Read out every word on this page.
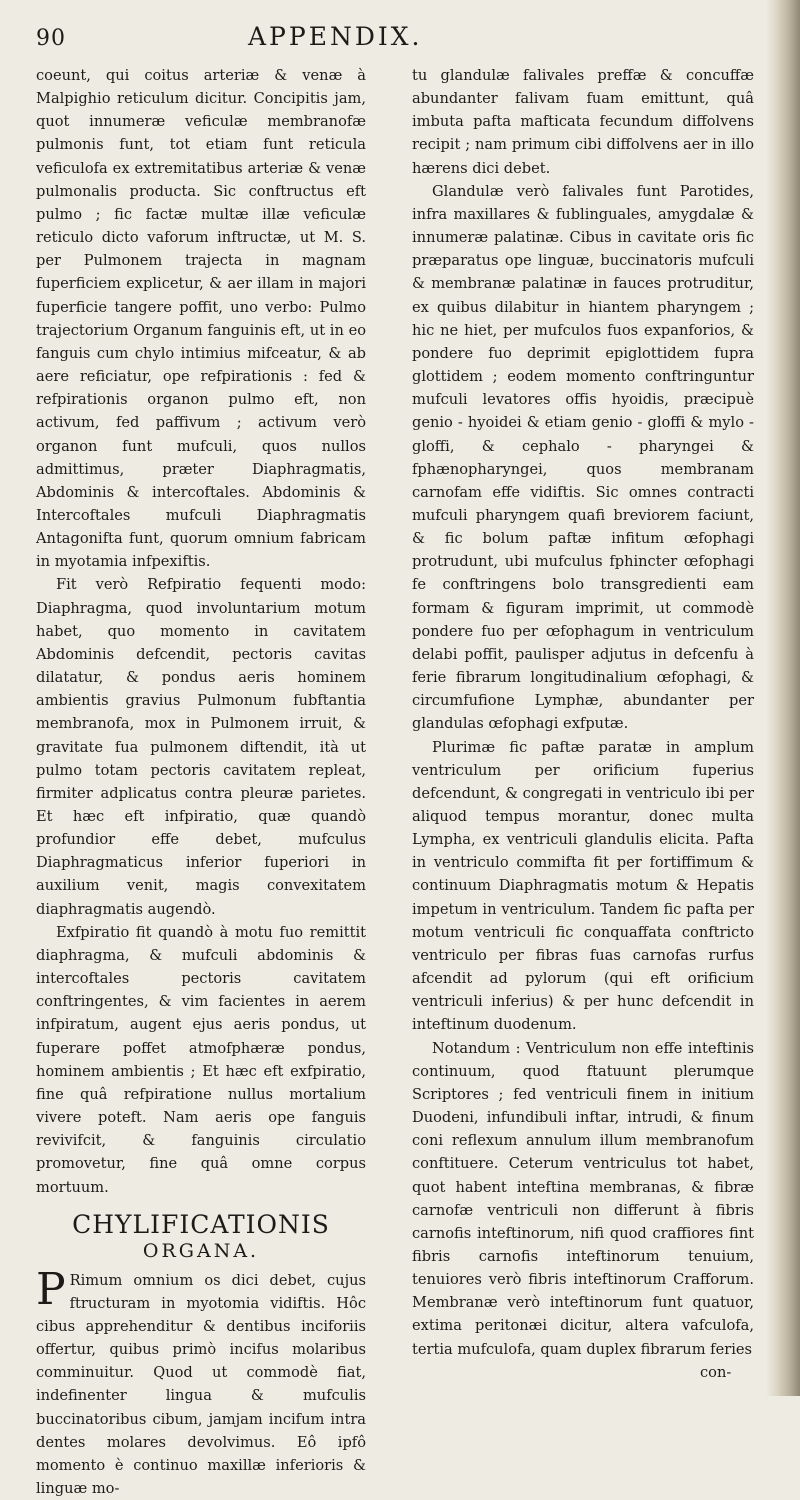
90	APPENDIX.

coeunt, qui coitus arteriæ & venæ à Malpighio reticulum dicitur. Concipitis jam, quot innumeræ veficulæ membranofæ pulmonis funt, tot etiam funt reticula veficulofa ex extremitatibus arteriæ & venæ pulmonalis producta. Sic conftructus eft pulmo ; fic factæ multæ illæ veficulæ reticulo dicto vaforum inftructæ, ut M. S. per Pulmonem trajecta in magnam fuperficiem explicetur, & aer illam in majori fuperficie tangere poffit, uno verbo: Pulmo trajectorium Organum fanguinis eft, ut in eo fanguis cum chylo intimius mifceatur, & ab aere reficiatur, ope refpirationis : fed & refpirationis organon pulmo eft, non activum, fed paffivum ; activum verò organon funt mufculi, quos nullos admittimus, præter Diaphragmatis, Abdominis & intercoftales. Abdominis & Intercoftales mufculi Diaphragmatis Antagonifta funt, quorum omnium fabricam in myotamia infpexiftis.

Fit verò Refpiratio fequenti modo: Diaphragma, quod involuntarium motum habet, quo momento in cavitatem Abdominis defcendit, pectoris cavitas dilatatur, & pondus aeris hominem ambientis gravius Pulmonum fubftantia membranofa, mox in Pulmonem irruit, & gravitate fua pulmonem diftendit, ità ut pulmo totam pectoris cavitatem repleat, firmiter adplicatus contra pleuræ parietes. Et hæc eft infpiratio, quæ quandò profundior effe debet, mufculus Diaphragmaticus inferior fuperiori in auxilium venit, magis convexitatem diaphragmatis augendò.

Exfpiratio fit quandò à motu fuo remittit diaphragma, & mufculi abdominis & intercoftales pectoris cavitatem conftringentes, & vim facientes in aerem infpiratum, augent ejus aeris pondus, ut fuperare poffet atmofphæræ pondus, hominem ambientis ; Et hæc eft exfpiratio, fine quâ refpiratione nullus mortalium vivere poteft. Nam aeris ope fanguis revivifcit, & fanguinis circulatio promovetur, fine quâ omne corpus mortuum.

CHYLIFICATIONIS
ORGANA.

P Rimum omnium os dici debet, cujus ftructuram in myotomia vidiftis. Hôc cibus apprehenditur & dentibus inciforiis offertur, quibus primò incifus molaribus comminuitur. Quod ut commodè fiat, indefinenter lingua & mufculis buccinatoribus cibum, jamjam incifum intra dentes molares devolvimus. Eô ipfô momento è continuo maxillæ inferioris & linguæ mo-

tu glandulæ falivales preffæ & concuffæ abundanter falivam fuam emittunt, quâ imbuta pafta mafticata fecundum diffolvens recipit ; nam primum cibi diffolvens aer in illo hærens dici debet.

Glandulæ verò falivales funt Parotides, infra maxillares & fublinguales, amygdalæ & innumeræ palatinæ. Cibus in cavitate oris fic præparatus ope linguæ, buccinatoris mufculi & membranæ palatinæ in fauces protruditur, ex quibus dilabitur in hiantem pharyngem ; hic ne hiet, per mufculos fuos expanforios, & pondere fuo deprimit epiglottidem fupra glottidem ; eodem momento conftringuntur mufculi levatores offis hyoidis, præcipuè genio - hyoidei & etiam genio - gloffi & mylo - gloffi, & cephalo - pharyngei & fphænopharyngei, quos membranam carnofam effe vidiftis. Sic omnes contracti mufculi pharyngem quafi breviorem faciunt, & fic bolum paftæ infitum œfophagi protrudunt, ubi mufculus fphincter œfophagi fe conftringens bolo transgredienti eam formam & figuram imprimit, ut commodè pondere fuo per œfophagum in ventriculum delabi poffit, paulisper adjutus in defcenfu à ferie fibrarum longitudinalium œfophagi, & circumfufione Lymphæ, abundanter per glandulas œfophagi exfputæ.

Plurimæ fic paftæ paratæ in amplum ventriculum per orificium fuperius defcendunt, & congregati in ventriculo ibi per aliquod tempus morantur, donec multa Lympha, ex ventriculi glandulis elicita. Pafta in ventriculo commifta fit per fortiffimum & continuum Diaphragmatis motum & Hepatis impetum in ventriculum. Tandem fic pafta per motum ventriculi fic conquaffata conftricto ventriculo per fibras fuas carnofas rurfus afcendit ad pylorum (qui eft orificium ventriculi inferius) & per hunc defcendit in inteftinum duodenum.

Notandum : Ventriculum non effe inteftinis continuum, quod ftatuunt plerumque Scriptores ; fed ventriculi finem in initium Duodeni, infundibuli inftar, intrudi, & finum coni reflexum annulum illum membranofum conftituere. Ceterum ventriculus tot habet, quot habent inteftina membranas, & fibræ carnofæ ventriculi non differunt à fibris carnofis inteftinorum, nifi quod craffiores fint fibris carnofis inteftinorum tenuium, tenuiores verò fibris inteftinorum Crafforum. Membranæ verò inteftinorum funt quatuor, extima peritonæi dicitur, altera vafculofa, tertia mufculofa, quam duplex fibrarum feries

con-
